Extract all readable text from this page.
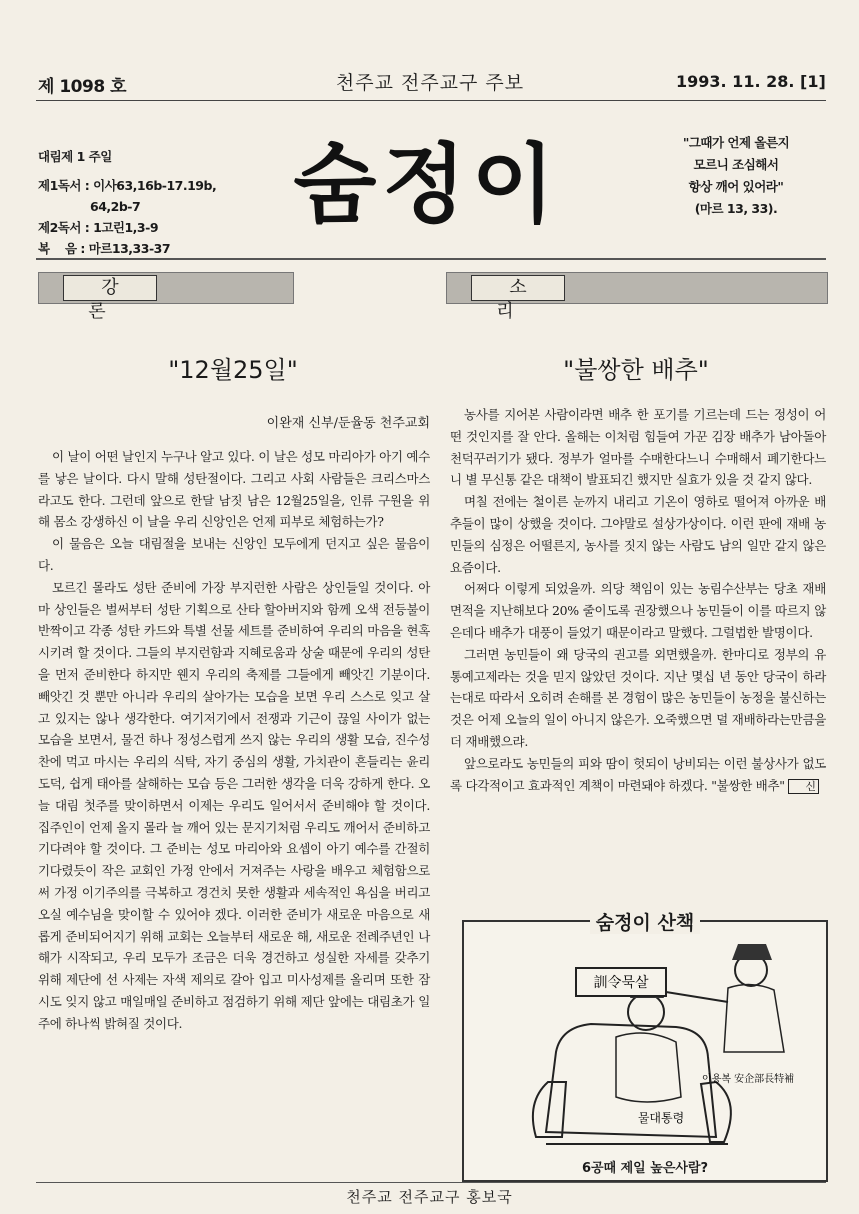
제 1098 호	천주교 전주교구 주보	1993. 11. 28. [1]
대림제 1 주일
제1독서 : 이사63,16b-17.19b,
64,2b-7
제2독서 : 1고린1,3-9
복    음 : 마르13,33-37
숨정이	"그때가 언제 올른지
모르니 조심해서
항상 깨어 있어라"
(마르 13, 33).
강론
소리
"12월25일"
이완재 신부/둔율동 천주교회

이 날이 어떤 날인지 누구나 알고 있다. 이 날은 성모 마리아가 아기 예수를 낳은 날이다. 다시 말해 성탄절이다. 그리고 사회 사람들은 크리스마스라고도 한다. 그런데 앞으로 한달 남짓 남은 12월25일을, 인류 구원을 위해 몸소 강생하신 이 날을 우리 신앙인은 언제 피부로 체험하는가?

이 물음은 오늘 대림절을 보내는 신앙인 모두에게 던지고 싶은 물음이다.

모르긴 몰라도 성탄 준비에 가장 부지런한 사람은 상인들일 것이다. 아마 상인들은 벌써부터 성탄 기획으로 산타 할아버지와 함께 오색 전등불이 반짝이고 각종 성탄 카드와 특별 선물 세트를 준비하여 우리의 마음을 현혹시키려 할 것이다. 그들의 부지런함과 지혜로움과 상술 때문에 우리의 성탄을 먼저 준비한다 하지만 웬지 우리의 축제를 그들에게 빼앗긴 기분이다. 빼앗긴 것 뿐만 아니라 우리의 살아가는 모습을 보면 우리 스스로 잊고 살고 있지는 않나 생각한다. 여기저기에서 전쟁과 기근이 끊일 사이가 없는 모습을 보면서, 물건 하나 정성스럽게 쓰지 않는 우리의 생활 모습, 진수성찬에 먹고 마시는 우리의 식탁, 자기 중심의 생활, 가치관이 흔들리는 윤리 도덕, 쉽게 태아를 살해하는 모습 등은 그러한 생각을 더욱 강하게 한다. 오늘 대림 첫주를 맞이하면서 이제는 우리도 일어서서 준비해야 할 것이다. 집주인이 언제 올지 몰라 늘 깨어 있는 문지기처럼 우리도 깨어서 준비하고 기다려야 할 것이다. 그 준비는 성모 마리아와 요셉이 아기 예수를 간절히 기다렸듯이 작은 교회인 가정 안에서 거져주는 사랑을 배우고 체험함으로써 가정 이기주의를 극복하고 경건치 못한 생활과 세속적인 욕심을 버리고 오실 예수님을 맞이할 수 있어야 겠다. 이러한 준비가 새로운 마음으로 새롭게 준비되어지기 위해 교회는 오늘부터 새로운 해, 새로운 전례주년인 나해가 시작되고, 우리 모두가 조금은 더욱 경건하고 성실한 자세를 갖추기 위해 제단에 선 사제는 자색 제의로 갈아 입고 미사성제를 올리며 또한 잠시도 잊지 않고 매일매일 준비하고 점검하기 위해 제단 앞에는 대림초가 일 주에 하나씩 밝혀질 것이다.

"불쌍한 배추"

농사를 지어본 사람이라면 배추 한 포기를 기르는데 드는 정성이 어떤 것인지를 잘 안다. 올해는 이처럼 힘들여 가꾼 김장 배추가 남아돌아 천덕꾸러기가 됐다. 정부가 얼마를 수매한다느니 수매해서 폐기한다느니 별 무신통 같은 대책이 발표되긴 했지만 실효가 있을 것 같지 않다.

며칠 전에는 철이른 눈까지 내리고 기온이 영하로 떨어져 아까운 배추들이 많이 상했을 것이다. 그야말로 설상가상이다. 이런 판에 재배 농민들의 심정은 어떨른지, 농사를 짓지 않는 사람도 남의 일만 같지 않은 요즘이다.

어쩌다 이렇게 되었을까. 의당 책임이 있는 농림수산부는 당초 재배 면적을 지난해보다 20% 줄이도록 권장했으나 농민들이 이를 따르지 않은데다 배추가 대풍이 들었기 때문이라고 말했다. 그럴법한 발명이다.

그러면 농민들이 왜 당국의 권고를 외면했을까. 한마디로 정부의 유통예고제라는 것을 믿지 않았던 것이다. 지난 몇십 년 동안 당국이 하라는대로 따라서 오히려 손해를 본 경험이 많은 농민들이 농정을 불신하는 것은 어제 오늘의 일이 아니지 않은가. 오죽했으면 덜 재배하라는만큼을 더 재배했으랴.

앞으로라도 농민들의 피와 땀이 헛되이 낭비되는 이런 불상사가 없도록 다각적이고 효과적인 계책이 마련돼야 하겠다. "불쌍한 배추" 신

숨정이 산책
訓令묵살
이용복 安企部長特補
물대통령
6공때 제일 높은사람?
천주교 전주교구 홍보국
